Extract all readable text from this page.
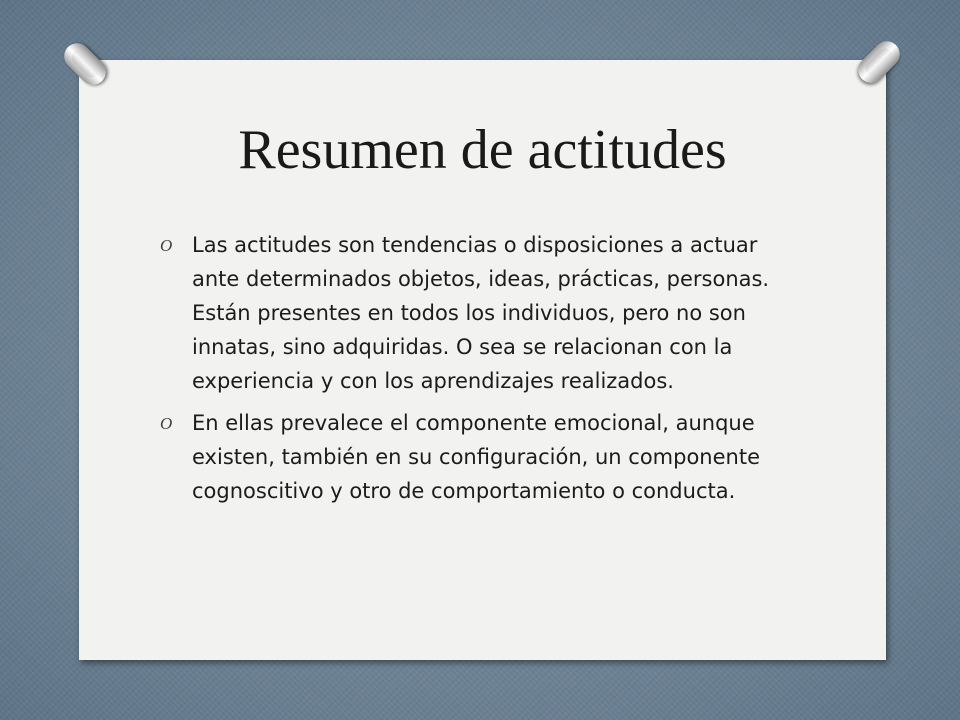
Resumen de actitudes
O Las actitudes son tendencias o disposiciones a actuar ante determinados objetos, ideas, prácticas, personas. Están presentes en todos los individuos, pero no son innatas, sino adquiridas. O sea se relacionan con la experiencia y con los aprendizajes realizados.
O En ellas prevalece el componente emocional, aunque existen, también en su configuración, un componente cognoscitivo y otro de comportamiento o conducta.
